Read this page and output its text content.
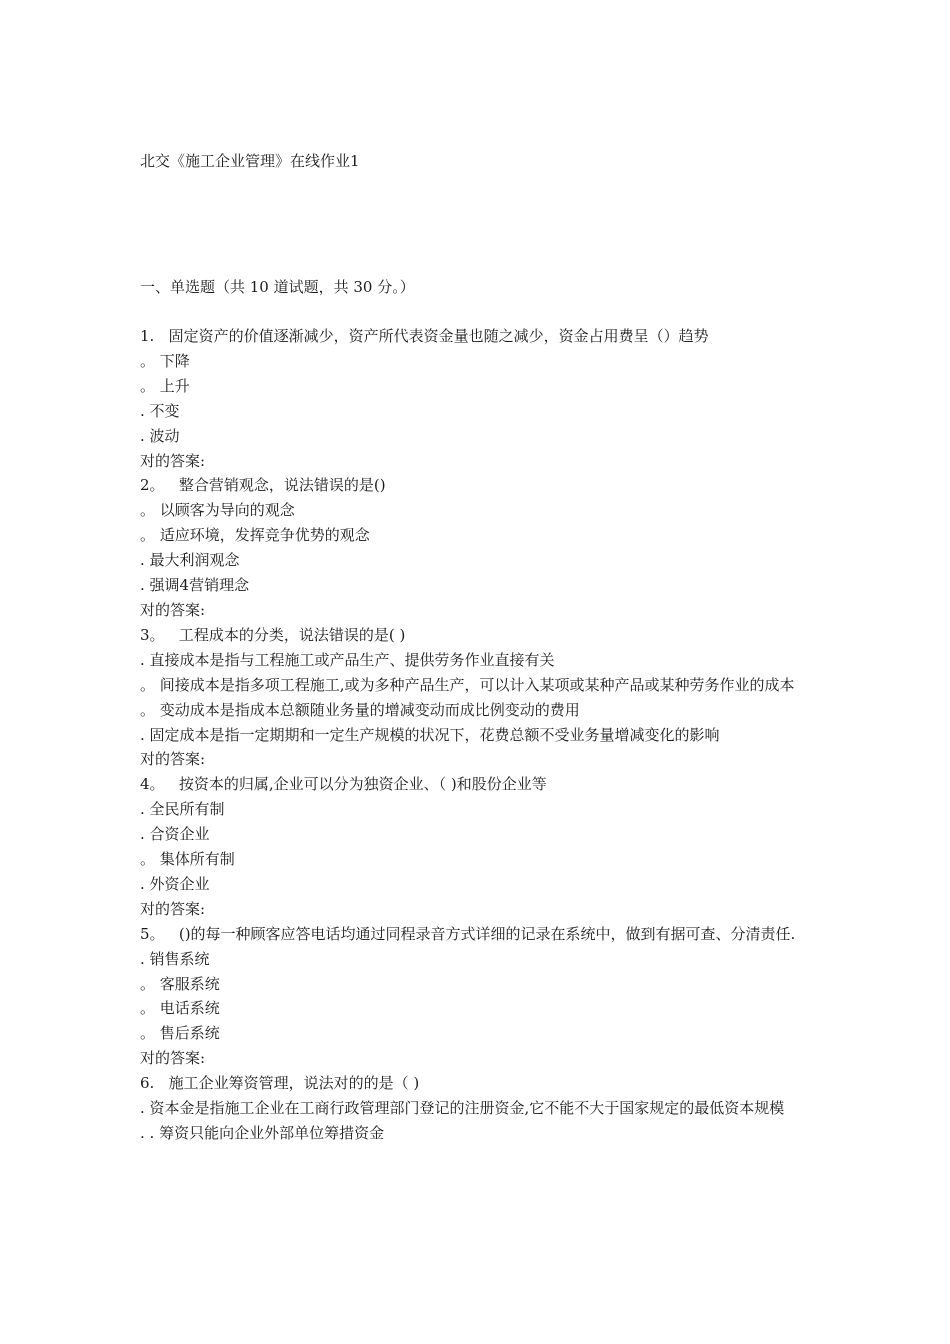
北交《施工企业管理》在线作业1
一、单选题（共 10 道试题，共 30 分。）
1.   固定资产的价值逐渐减少，资产所代表资金量也随之减少，资金占用费呈（）趋势
。 下降
。 上升
. 不变
. 波动
对的答案:
2。   整合营销观念，说法错误的是()
。 以顾客为导向的观念
。 适应环境，发挥竞争优势的观念
. 最大利润观念
. 强调4营销理念
对的答案:
3。   工程成本的分类，说法错误的是( )
. 直接成本是指与工程施工或产品生产、提供劳务作业直接有关
。 间接成本是指多项工程施工,或为多种产品生产，可以计入某项或某种产品或某种劳务作业的成本
。 变动成本是指成本总额随业务量的增减变动而成比例变动的费用
. 固定成本是指一定期期和一定生产规模的状况下，花费总额不受业务量增减变化的影响
对的答案:
4。   按资本的归属,企业可以分为独资企业、（ )和股份企业等
. 全民所有制
. 合资企业
。 集体所有制
. 外资企业
对的答案:
5。   ()的每一种顾客应答电话均通过同程录音方式详细的记录在系统中，做到有据可查、分清责任.
. 销售系统
。 客服系统
。 电话系统
。 售后系统
对的答案:
6.   施工企业筹资管理，说法对的的是（ )
. 资本金是指施工企业在工商行政管理部门登记的注册资金,它不能不大于国家规定的最低资本规模
. . 筹资只能向企业外部单位筹措资金
